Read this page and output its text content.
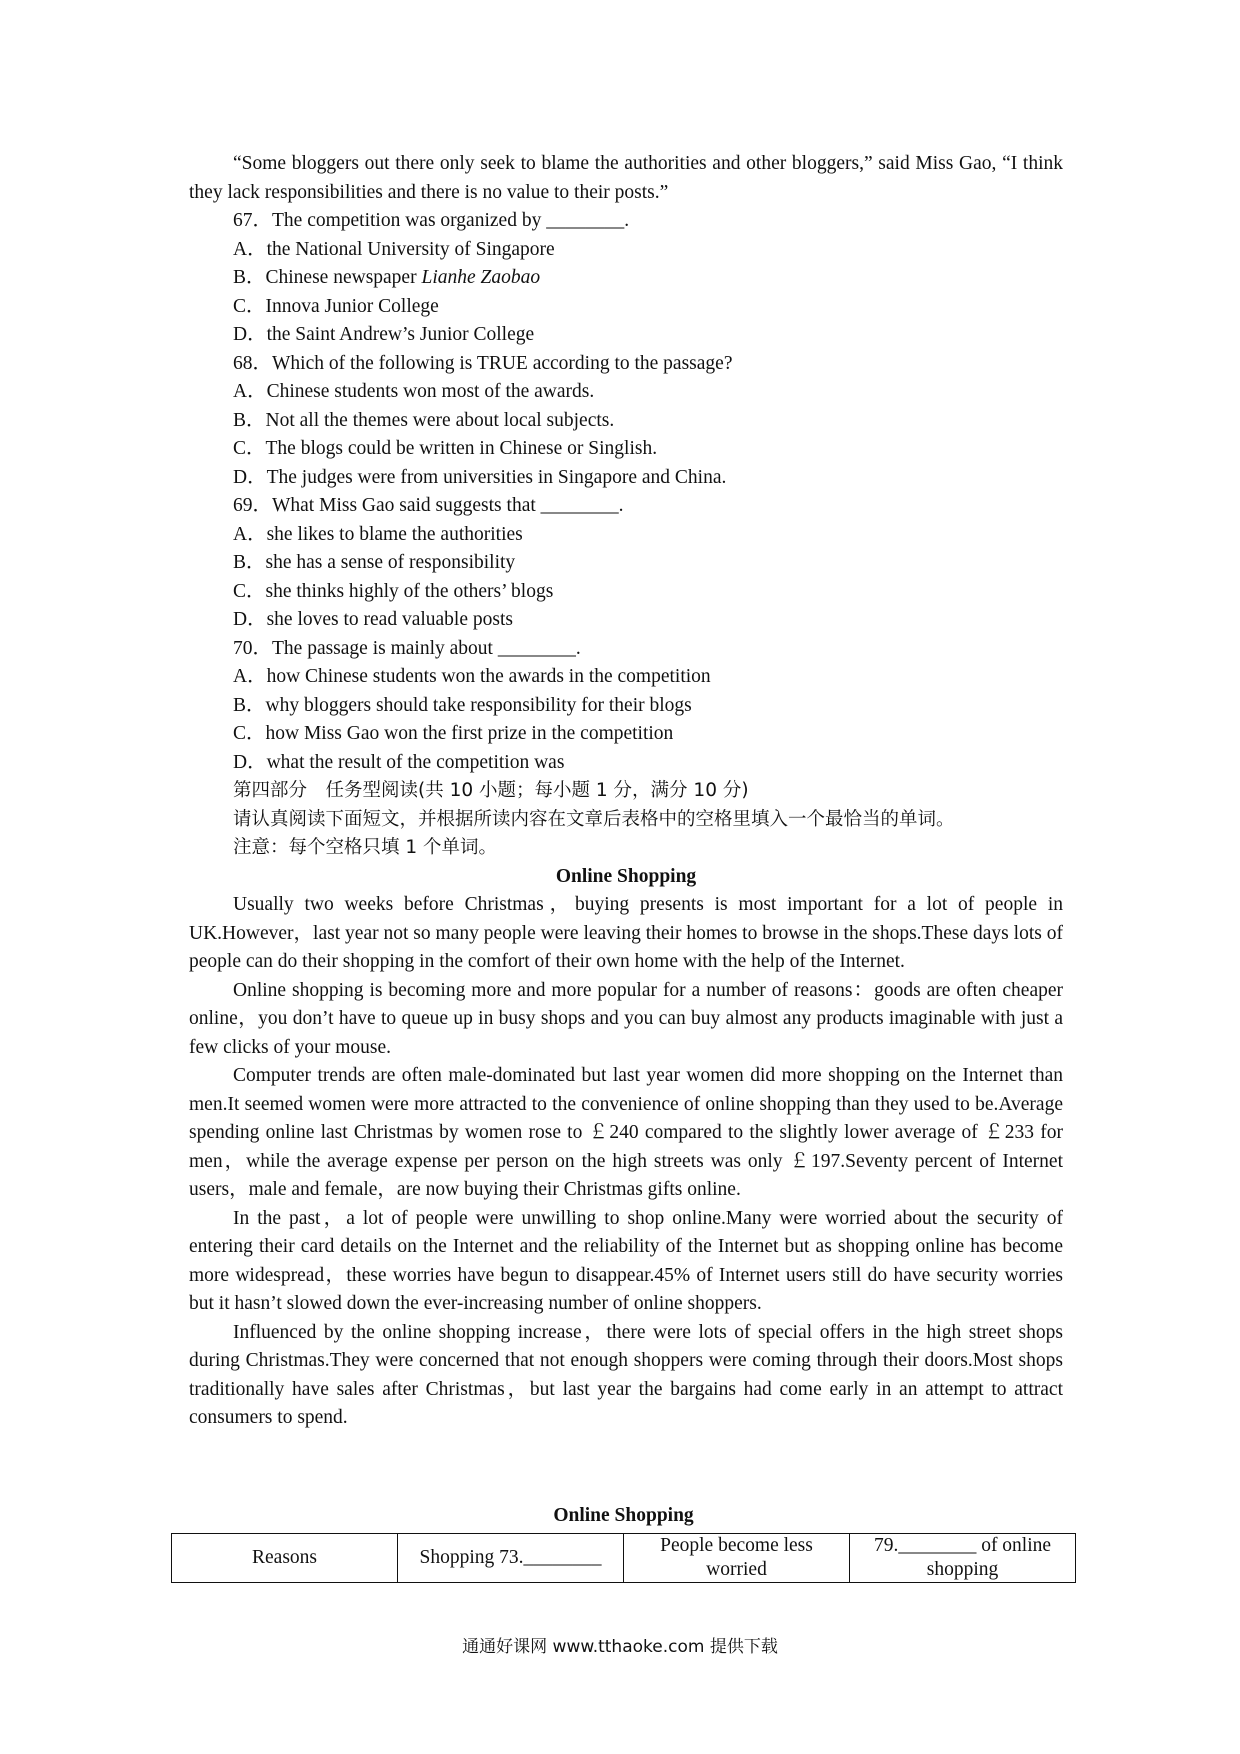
“Some bloggers out there only seek to blame the authorities and other bloggers,” said Miss Gao, “I think they lack responsibilities and there is no value to their posts.”

67．The competition was organized by ________.

A．the National University of Singapore

B．Chinese newspaper Lianhe Zaobao

C．Innova Junior College

D．the Saint Andrew’s Junior College

68．Which of the following is TRUE according to the passage?

A．Chinese students won most of the awards.

B．Not all the themes were about local subjects.

C．The blogs could be written in Chinese or Singlish.

D．The judges were from universities in Singapore and China.

69．What Miss Gao said suggests that ________.

A．she likes to blame the authorities

B．she has a sense of responsibility

C．she thinks highly of the others’ blogs

D．she loves to read valuable posts

70．The passage is mainly about ________.

A．how Chinese students won the awards in the competition

B．why bloggers should take responsibility for their blogs

C．how Miss Gao won the first prize in the competition

D．what the result of the competition was

第四部分　任务型阅读(共 10 小题；每小题 1 分，满分 10 分)

请认真阅读下面短文，并根据所读内容在文章后表格中的空格里填入一个最恰当的单词。

注意：每个空格只填 1 个单词。

Online Shopping

Usually two weeks before Christmas，buying presents is most important for a lot of people in UK.However，last year not so many people were leaving their homes to browse in the shops.These days lots of people can do their shopping in the comfort of their own home with the help of the Internet.

Online shopping is becoming more and more popular for a number of reasons：goods are often cheaper online，you don’t have to queue up in busy shops and you can buy almost any products imaginable with just a few clicks of your mouse.

Computer trends are often male-dominated but last year women did more shopping on the Internet than men.It seemed women were more attracted to the convenience of online shopping than they used to be.Average spending online last Christmas by women rose to ￡240 compared to the slightly lower average of ￡233 for men，while the average expense per person on the high streets was only ￡197.Seventy percent of Internet users，male and female，are now buying their Christmas gifts online.

In the past，a lot of people were unwilling to shop online.Many were worried about the security of entering their card details on the Internet and the reliability of the Internet but as shopping online has become more widespread，these worries have begun to disappear.45% of Internet users still do have security worries but it hasn’t slowed down the ever-increasing number of online shoppers.

Influenced by the online shopping increase，there were lots of special offers in the high street shops during Christmas.They were concerned that not enough shoppers were coming through their doors.Most shops traditionally have sales after Christmas，but last year the bargains had come early in an attempt to attract consumers to spend.

Online Shopping
Reasons	Shopping 73.________	People become less worried	79.________ of online shopping
通通好课网 www.tthaoke.com 提供下载
